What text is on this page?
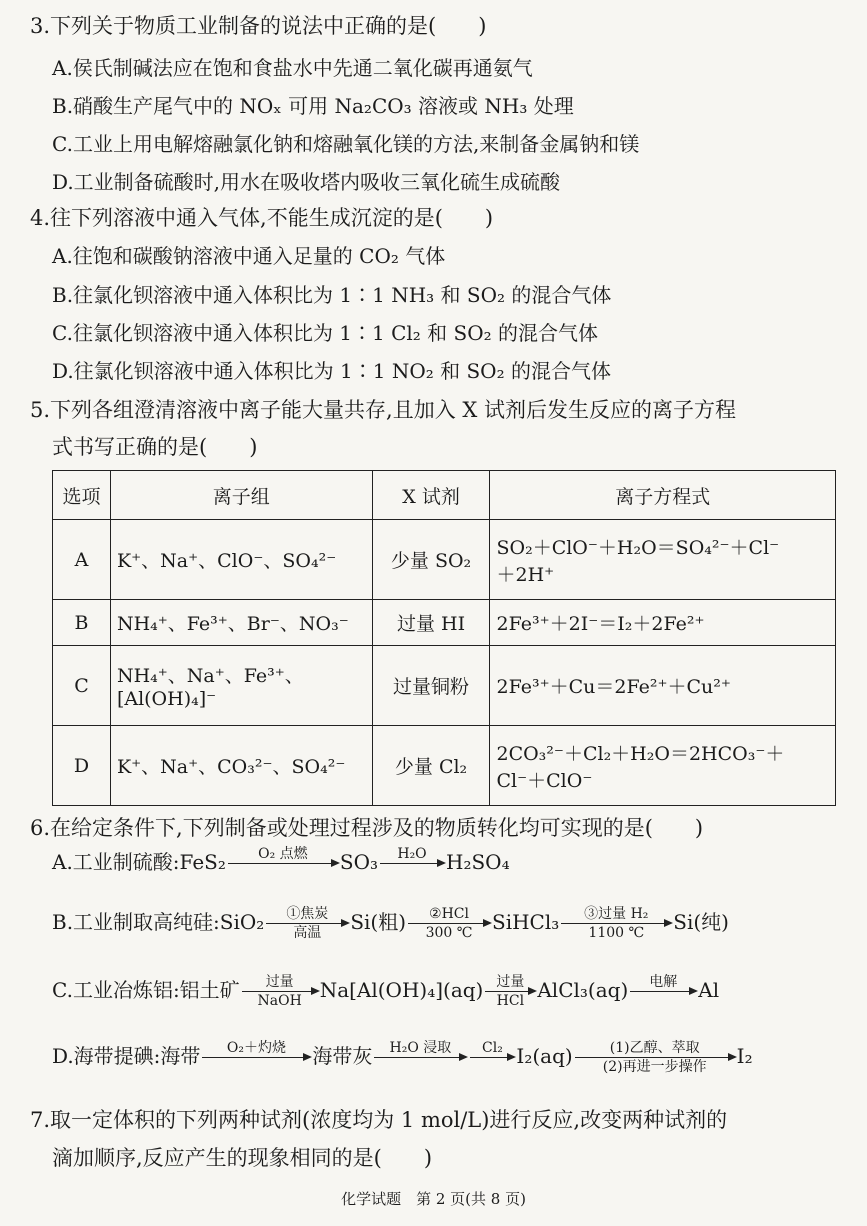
3.下列关于物质工业制备的说法中正确的是(　　)
A.侯氏制碱法应在饱和食盐水中先通二氧化碳再通氨气
B.硝酸生产尾气中的 NOₓ 可用 Na₂CO₃ 溶液或 NH₃ 处理
C.工业上用电解熔融氯化钠和熔融氧化镁的方法,来制备金属钠和镁
D.工业制备硫酸时,用水在吸收塔内吸收三氧化硫生成硫酸
4.往下列溶液中通入气体,不能生成沉淀的是(　　)
A.往饱和碳酸钠溶液中通入足量的 CO₂ 气体
B.往氯化钡溶液中通入体积比为 1∶1 NH₃ 和 SO₂ 的混合气体
C.往氯化钡溶液中通入体积比为 1∶1 Cl₂ 和 SO₂ 的混合气体
D.往氯化钡溶液中通入体积比为 1∶1 NO₂ 和 SO₂ 的混合气体
5.下列各组澄清溶液中离子能大量共存,且加入 X 试剂后发生反应的离子方程
式书写正确的是(　　)
选项	离子组	X 试剂	离子方程式
A	K⁺、Na⁺、ClO⁻、SO₄²⁻	少量 SO₂	SO₂＋ClO⁻＋H₂O＝SO₄²⁻＋Cl⁻
＋2H⁺

B	NH₄⁺、Fe³⁺、Br⁻、NO₃⁻	过量 HI	2Fe³⁺＋2I⁻＝I₂＋2Fe²⁺
C	NH₄⁺、Na⁺、Fe³⁺、
[Al(OH)₄]⁻	过量铜粉	2Fe³⁺＋Cu＝2Fe²⁺＋Cu²⁺
D	K⁺、Na⁺、CO₃²⁻、SO₄²⁻	少量 Cl₂	2CO₃²⁻＋Cl₂＋H₂O＝2HCO₃⁻＋
Cl⁻＋ClO⁻
6.在给定条件下,下列制备或处理过程涉及的物质转化均可实现的是(　　)
A.工业制硫酸:FeS₂	O₂ 点燃	SO₃	H₂O H₂SO₄
B.工业制取高纯硅:SiO₂	①焦炭
高温	Si(粗)	②HCl
300 ℃ SiHCl₃	③过量 H₂
1100 ℃	Si(纯)
C.工业冶炼铝:铝土矿	过量
NaOH Na[Al(OH)₄](aq) 过量
HCl AlCl₃(aq)	电解	Al
D.海带提碘:海带	O₂＋灼烧	海带灰	H₂O 浸取	Cl₂ I₂(aq)	(1)乙醇、萃取
(2)再进一步操作	I₂
7.取一定体积的下列两种试剂(浓度均为 1 mol/L)进行反应,改变两种试剂的
滴加顺序,反应产生的现象相同的是(　　)
化学试题　第 2 页(共 8 页)
